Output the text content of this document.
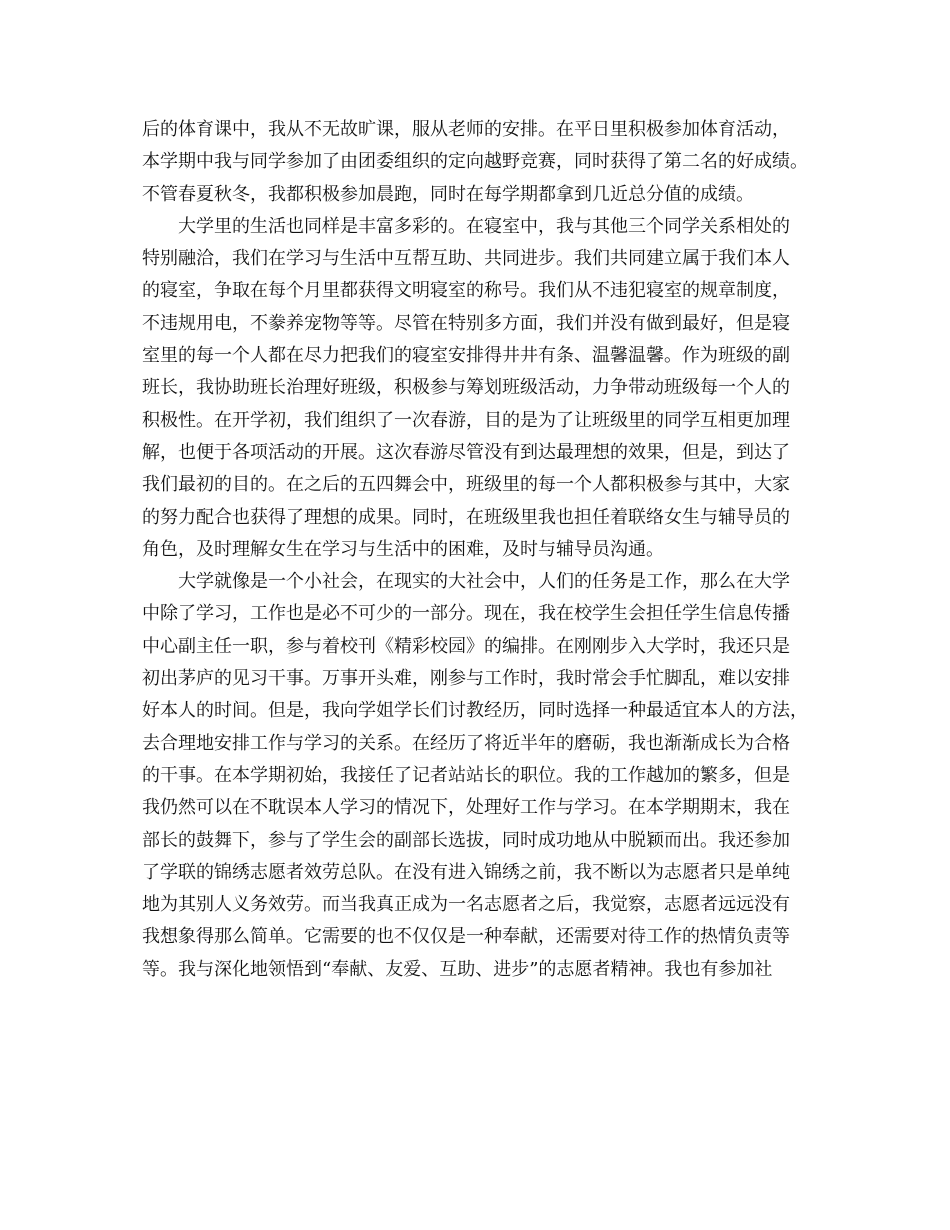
后的体育课中，我从不无故旷课，服从老师的安排。在平日里积极参加体育活动，
本学期中我与同学参加了由团委组织的定向越野竞赛，同时获得了第二名的好成绩。
不管春夏秋冬，我都积极参加晨跑，同时在每学期都拿到几近总分值的成绩。
大学里的生活也同样是丰富多彩的。在寝室中，我与其他三个同学关系相处的
特别融洽，我们在学习与生活中互帮互助、共同进步。我们共同建立属于我们本人
的寝室，争取在每个月里都获得文明寝室的称号。我们从不违犯寝室的规章制度，
不违规用电，不豢养宠物等等。尽管在特别多方面，我们并没有做到最好，但是寝
室里的每一个人都在尽力把我们的寝室安排得井井有条、温馨温馨。作为班级的副
班长，我协助班长治理好班级，积极参与筹划班级活动，力争带动班级每一个人的
积极性。在开学初，我们组织了一次春游，目的是为了让班级里的同学互相更加理
解，也便于各项活动的开展。这次春游尽管没有到达最理想的效果，但是，到达了
我们最初的目的。在之后的五四舞会中，班级里的每一个人都积极参与其中，大家
的努力配合也获得了理想的成果。同时，在班级里我也担任着联络女生与辅导员的
角色，及时理解女生在学习与生活中的困难，及时与辅导员沟通。
大学就像是一个小社会，在现实的大社会中，人们的任务是工作，那么在大学
中除了学习，工作也是必不可少的一部分。现在，我在校学生会担任学生信息传播
中心副主任一职，参与着校刊《精彩校园》的编排。在刚刚步入大学时，我还只是
初出茅庐的见习干事。万事开头难，刚参与工作时，我时常会手忙脚乱，难以安排
好本人的时间。但是，我向学姐学长们讨教经历，同时选择一种最适宜本人的方法，
去合理地安排工作与学习的关系。在经历了将近半年的磨砺，我也渐渐成长为合格
的干事。在本学期初始，我接任了记者站站长的职位。我的工作越加的繁多，但是
我仍然可以在不耽误本人学习的情况下，处理好工作与学习。在本学期期末，我在
部长的鼓舞下，参与了学生会的副部长选拔，同时成功地从中脱颖而出。我还参加
了学联的锦绣志愿者效劳总队。在没有进入锦绣之前，我不断以为志愿者只是单纯
地为其别人义务效劳。而当我真正成为一名志愿者之后，我觉察，志愿者远远没有
我想象得那么简单。它需要的也不仅仅是一种奉献，还需要对待工作的热情负责等
等。我与深化地领悟到“奉献、友爱、互助、进步”的志愿者精神。我也有参加社
